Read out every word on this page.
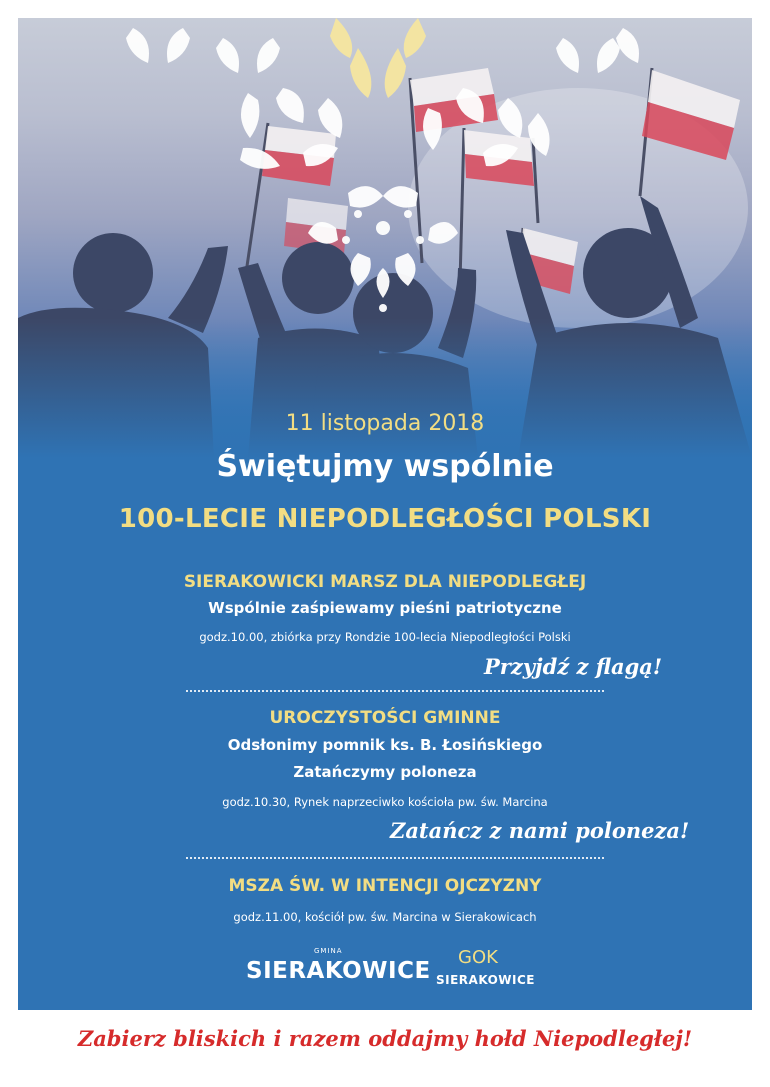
11 listopada 2018
Świętujmy wspólnie
100-LECIE NIEPODLEGŁOŚCI POLSKI
SIERAKOWICKI MARSZ DLA NIEPODLEGŁEJ
Wspólnie zaśpiewamy pieśni patriotyczne
godz.10.00, zbiórka przy Rondzie 100-lecia Niepodległości Polski
Przyjdź z flagą!
UROCZYSTOŚCI GMINNE
Odsłonimy pomnik ks. B. Łosińskiego
Zatańczymy poloneza
godz.10.30, Rynek naprzeciwko kościoła pw. św. Marcina
Zatańcz z nami poloneza!
MSZA ŚW. W INTENCJI OJCZYZNY
godz.11.00, kościół pw. św. Marcina w Sierakowicach
GMINA
SIERAKOWICE
GOK
SIERAKOWICE
Zabierz bliskich i razem oddajmy hołd Niepodległej!
